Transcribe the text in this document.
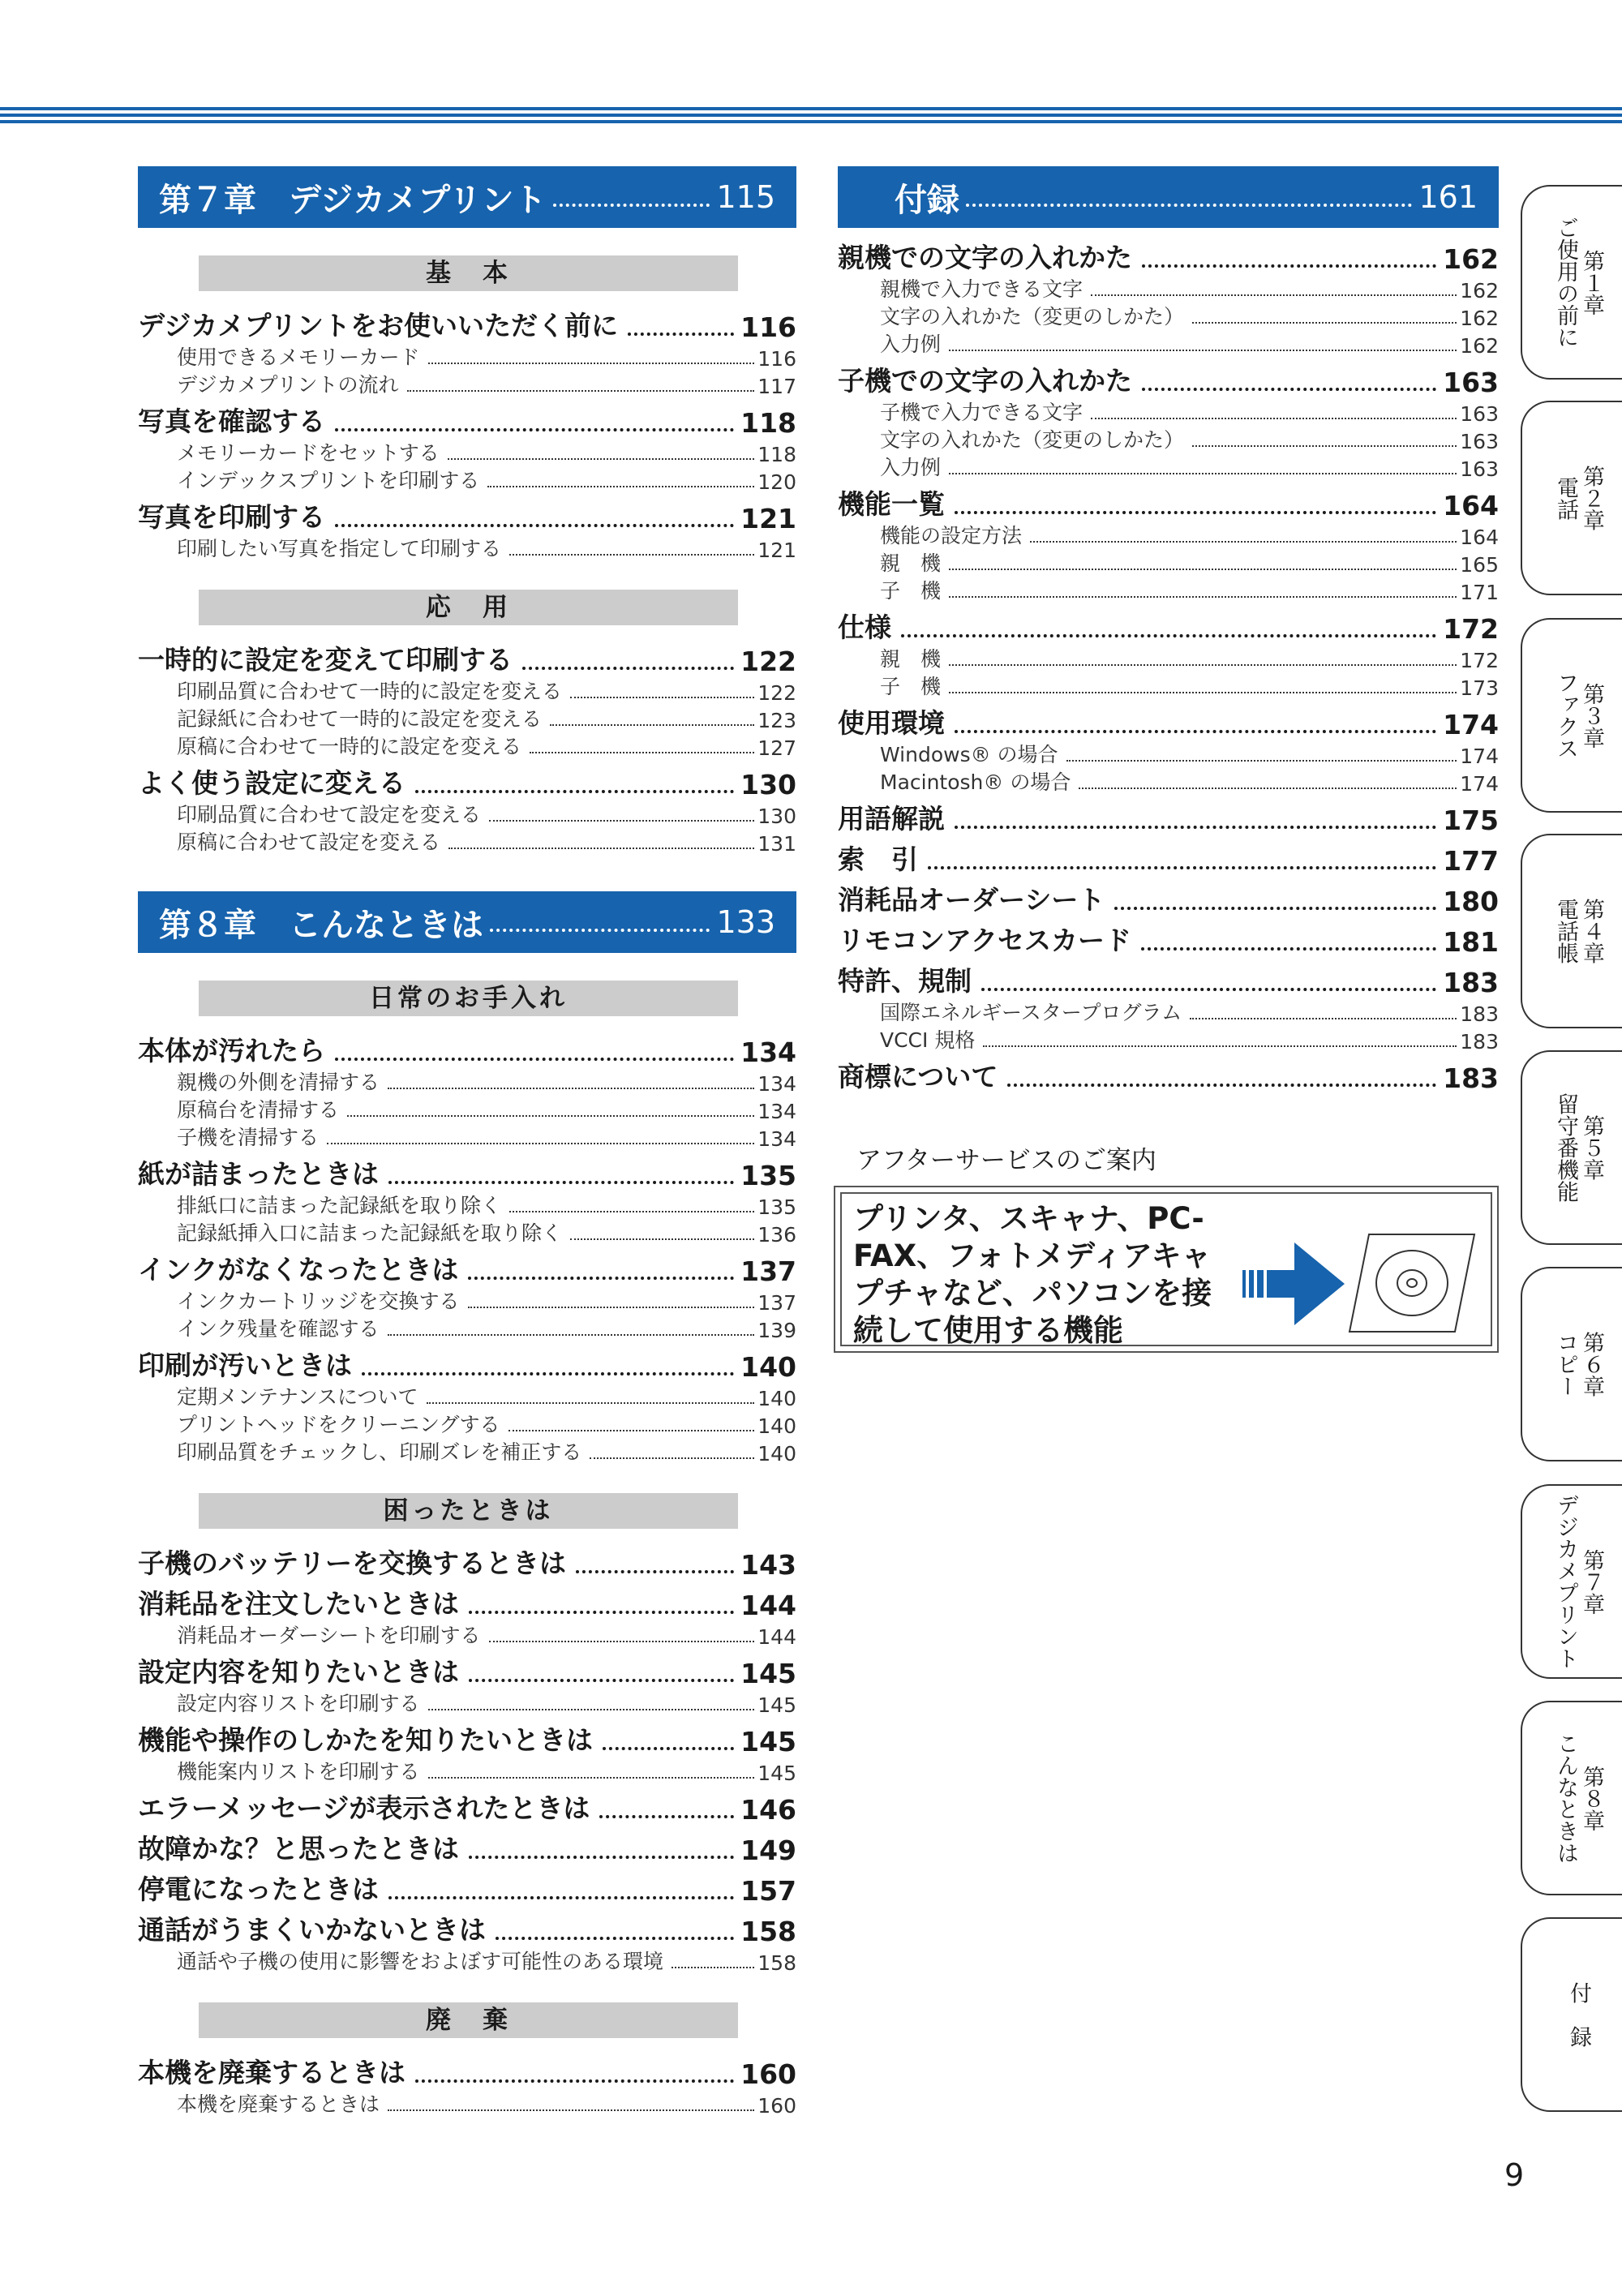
第７章　デジカメプリント	115
基　本
デジカメプリントをお使いいただく前に	116
使用できるメモリーカード	116
デジカメプリントの流れ	117
写真を確認する	118
メモリーカードをセットする	118
インデックスプリントを印刷する	120
写真を印刷する	121
印刷したい写真を指定して印刷する	121
応　用
一時的に設定を変えて印刷する	122
印刷品質に合わせて一時的に設定を変える	122
記録紙に合わせて一時的に設定を変える	123
原稿に合わせて一時的に設定を変える	127
よく使う設定に変える	130
印刷品質に合わせて設定を変える	130
原稿に合わせて設定を変える	131
第８章　こんなときは	133
日常のお手入れ
本体が汚れたら	134
親機の外側を清掃する	134
原稿台を清掃する	134
子機を清掃する	134
紙が詰まったときは	135
排紙口に詰まった記録紙を取り除く	135
記録紙挿入口に詰まった記録紙を取り除く	136
インクがなくなったときは	137
インクカートリッジを交換する	137
インク残量を確認する	139
印刷が汚いときは	140
定期メンテナンスについて	140
プリントヘッドをクリーニングする	140
印刷品質をチェックし、印刷ズレを補正する	140
困ったときは
子機のバッテリーを交換するときは	143
消耗品を注文したいときは	144
消耗品オーダーシートを印刷する	144
設定内容を知りたいときは	145
設定内容リストを印刷する	145
機能や操作のしかたを知りたいときは	145
機能案内リストを印刷する	145
エラーメッセージが表示されたときは	146
故障かな？と思ったときは	149
停電になったときは	157
通話がうまくいかないときは	158
通話や子機の使用に影響をおよぼす可能性のある環境	158
廃　棄
本機を廃棄するときは	160
本機を廃棄するときは	160
付録	161
親機での文字の入れかた	162
親機で入力できる文字	162
文字の入れかた（変更のしかた）	162
入力例	162
子機での文字の入れかた	163
子機で入力できる文字	163
文字の入れかた（変更のしかた）	163
入力例	163
機能一覧	164
機能の設定方法	164
親　機	165
子　機	171
仕様	172
親　機	172
子　機	173
使用環境	174
Windows® の場合	174
Macintosh® の場合	174
用語解説	175
索　引	177
消耗品オーダーシート	180
リモコンアクセスカード	181
特許、規制	183
国際エネルギースタープログラム	183
VCCI 規格	183
商標について	183
アフターサービスのご案内
プリンタ、スキャナ、PC-
FAX、フォトメディアキャ
プチャなど、パソコンを接
続して使用する機能
第１章
ご使用の前に
第２章
電話
第３章
ファクス
第４章
電話帳
第５章
留守番機能
第６章
コピー
第７章
デジカメプリント
第８章
こんなときは
付　録
9
